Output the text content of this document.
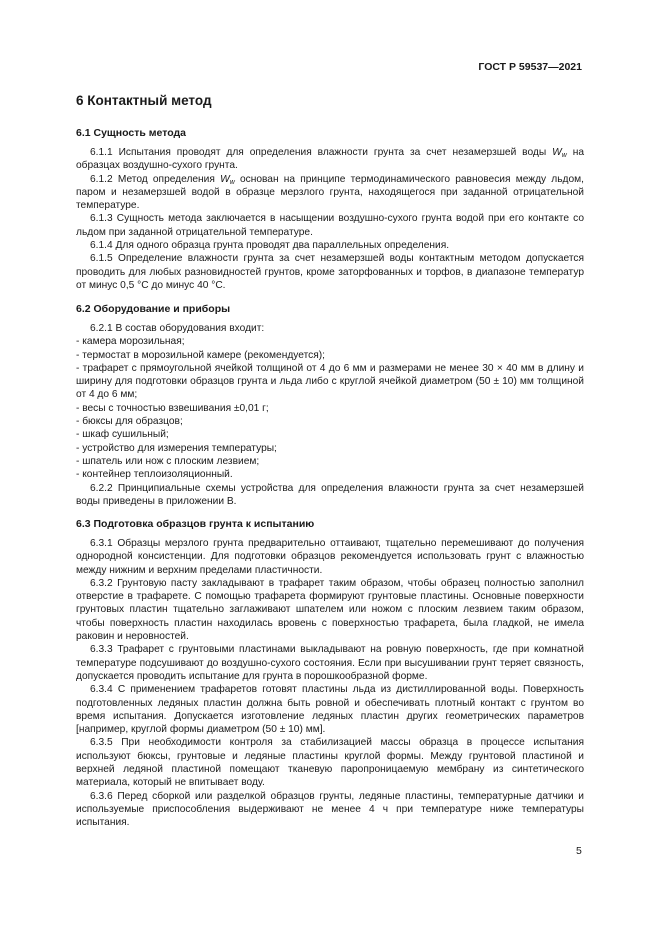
ГОСТ Р 59537—2021
6 Контактный метод

6.1 Сущность метода

6.1.1 Испытания проводят для определения влажности грунта за счет незамерзшей воды $W_w$ на образцах воздушно-сухого грунта.

6.1.2 Метод определения $W_w$ основан на принципе термодинамического равновесия между льдом, паром и незамерзшей водой в образце мерзлого грунта, находящегося при заданной отрицательной температуре.

6.1.3 Сущность метода заключается в насыщении воздушно-сухого грунта водой при его контакте со льдом при заданной отрицательной температуре.

6.1.4 Для одного образца грунта проводят два параллельных определения.

6.1.5 Определение влажности грунта за счет незамерзшей воды контактным методом допускается проводить для любых разновидностей грунтов, кроме заторфованных и торфов, в диапазоне температур от минус 0,5 °С до минус 40 °С.

6.2 Оборудование и приборы

6.2.1 В состав оборудования входит:

- камера морозильная;

- термостат в морозильной камере (рекомендуется);

- трафарет с прямоугольной ячейкой толщиной от 4 до 6 мм и размерами не менее 30 × 40 мм в длину и ширину для подготовки образцов грунта и льда либо с круглой ячейкой диаметром (50 ± 10) мм толщиной от 4 до 6 мм;

- весы с точностью взвешивания ±0,01 г;

- бюксы для образцов;

- шкаф сушильный;

- устройство для измерения температуры;

- шпатель или нож с плоским лезвием;

- контейнер теплоизоляционный.

6.2.2 Принципиальные схемы устройства для определения влажности грунта за счет незамерзшей воды приведены в приложении В.

6.3 Подготовка образцов грунта к испытанию

6.3.1 Образцы мерзлого грунта предварительно оттаивают, тщательно перемешивают до получения однородной консистенции. Для подготовки образцов рекомендуется использовать грунт с влажностью между нижним и верхним пределами пластичности.

6.3.2 Грунтовую пасту закладывают в трафарет таким образом, чтобы образец полностью заполнил отверстие в трафарете. С помощью трафарета формируют грунтовые пластины. Основные поверхности грунтовых пластин тщательно заглаживают шпателем или ножом с плоским лезвием таким образом, чтобы поверхность пластин находилась вровень с поверхностью трафарета, была гладкой, не имела раковин и неровностей.

6.3.3 Трафарет с грунтовыми пластинами выкладывают на ровную поверхность, где при комнатной температуре подсушивают до воздушно-сухого состояния. Если при высушивании грунт теряет связность, допускается проводить испытание для грунта в порошкообразной форме.

6.3.4 С применением трафаретов готовят пластины льда из дистиллированной воды. Поверхность подготовленных ледяных пластин должна быть ровной и обеспечивать плотный контакт с грунтом во время испытания. Допускается изготовление ледяных пластин других геометрических параметров [например, круглой формы диаметром (50 ± 10) мм].

6.3.5 При необходимости контроля за стабилизацией массы образца в процессе испытания используют бюксы, грунтовые и ледяные пластины круглой формы. Между грунтовой пластиной и верхней ледяной пластиной помещают тканевую паропроницаемую мембрану из синтетического материала, который не впитывает воду.

6.3.6 Перед сборкой или разделкой образцов грунты, ледяные пластины, температурные датчики и используемые приспособления выдерживают не менее 4 ч при температуре ниже температуры испытания.

5
